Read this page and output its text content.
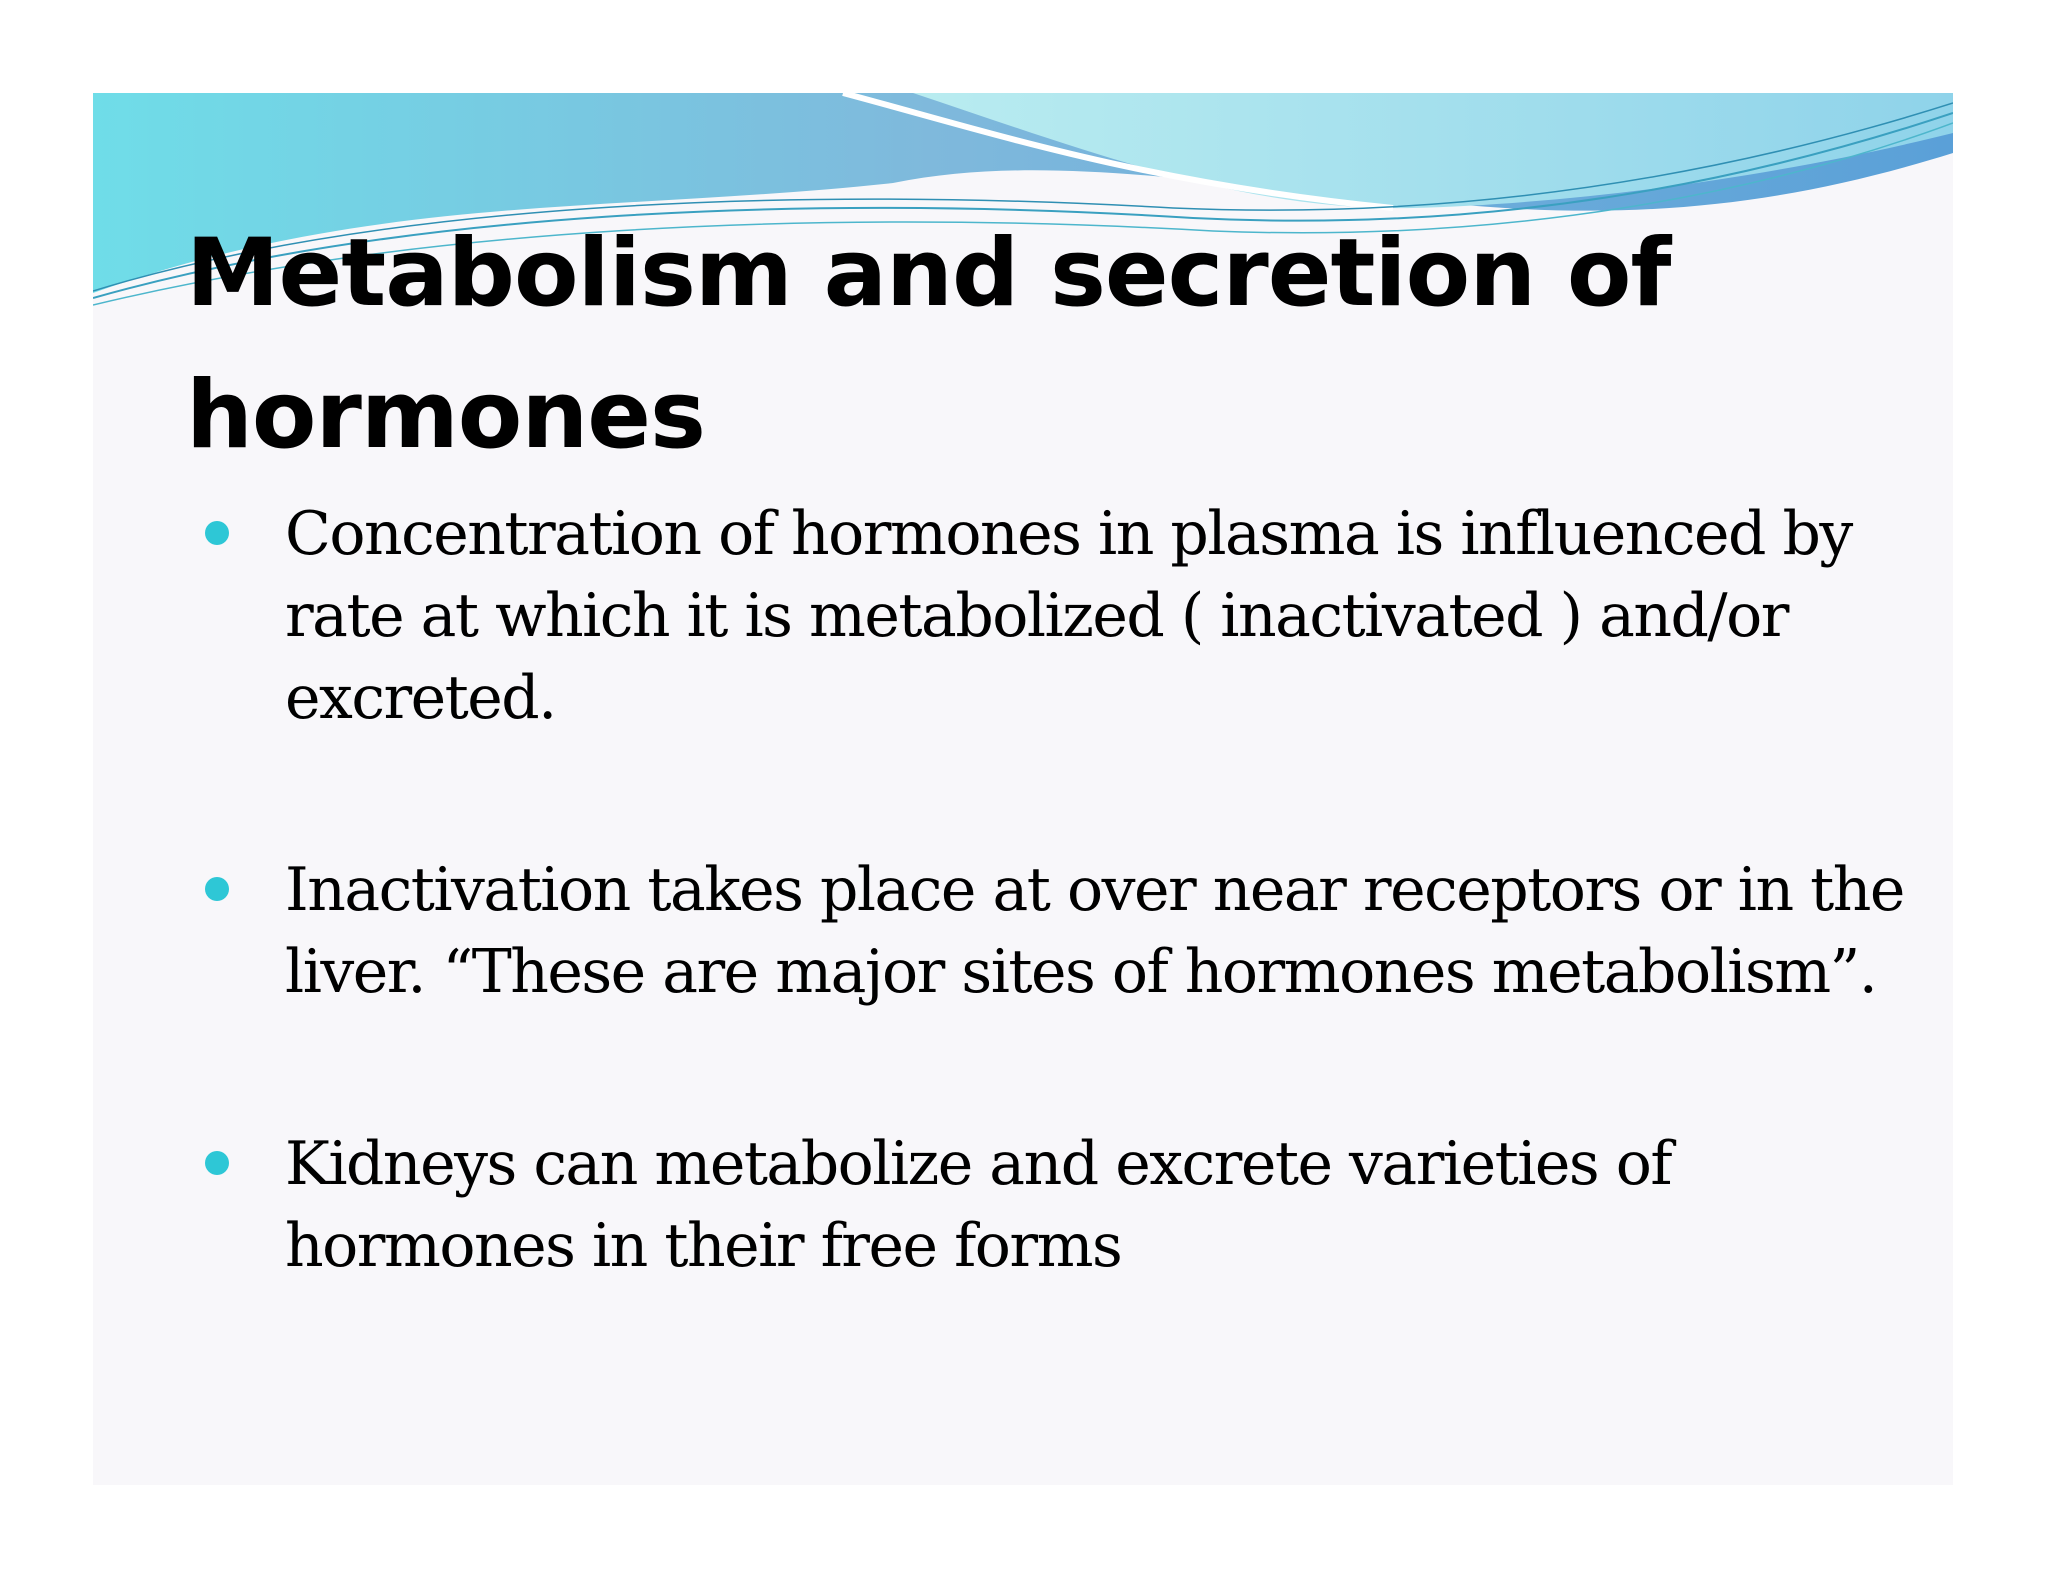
Metabolism and secretion of hormones
Concentration of hormones in plasma is influenced by rate at which it is metabolized ( inactivated ) and/or excreted.
Inactivation takes place at over near receptors or in the liver. “These are major sites of hormones metabolism”.
Kidneys can metabolize and excrete varieties of hormones in their free forms
